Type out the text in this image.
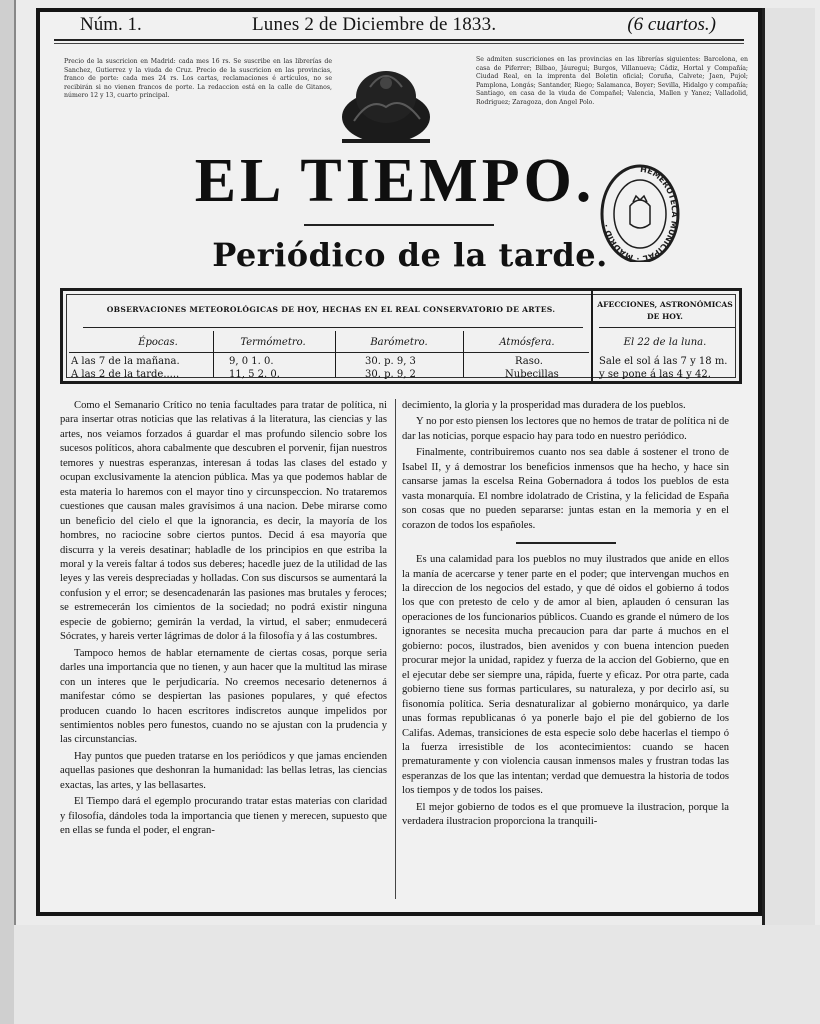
Núm. 1.	Lunes 2 de Diciembre de 1833.	(6 cuartos.)
Precio de la suscricion en Madrid: cada mes 16 rs. Se suscribe en las librerías de Sanchez, Gutierrez y la viuda de Cruz. Precio de la suscricion en las provincias, franco de porte: cada mes 24 rs. Los cartas, reclamaciones é artículos, no se recibirán si no vienen francos de porte. La redaccion está en la calle de Gitanos, número 12 y 13, cuarto principal.
Se admiten suscriciones en las provincias en las librerías siguientes: Barcelona, en casa de Piferrer; Bilbao, Jáuregui; Burgos, Villanueva; Cádiz, Hortal y Compañía; Ciudad Real, en la imprenta del Boletin oficial; Coruña, Calvete; Jaen, Pujol; Pamplona, Longás; Santander, Riego; Salamanca, Boyer; Sevilla, Hidalgo y compañía; Santiago, en casa de la viuda de Compañel; Valencia, Mallen y Yanez; Valladolid, Rodriguez; Zaragoza, don Angel Polo.
EL TIEMPO.
Periódico de la tarde.
HEMEROTECA MUNICIPAL · MADRID ·
OBSERVACIONES METEOROLÓGICAS DE HOY, HECHAS EN EL REAL CONSERVATORIO DE ARTES.
AFECCIONES, ASTRONÓMICAS DE HOY.
Épocas.	Termómetro.	Barómetro.	Atmósfera.	El 22 de la luna.
A las 7 de la mañana.	9, 0 1. 0.	30. p. 9, 3	Raso.	Sale el sol á las 7 y 18 m.
A las 2 de la tarde.....	11, 5 2. 0.	30. p. 9, 2	Nubecillas	y se pone á las 4 y 42.

Como el Semanario Crítico no tenia facultades para tratar de política, ni para insertar otras noticias que las relativas á la literatura, las ciencias y las artes, nos veiamos forzados á guardar el mas profundo silencio sobre los sucesos políticos, ahora cabalmente que descubren el porvenir, fijan nuestros temores y nuestras esperanzas, interesan á todas las clases del estado y ocupan exclusivamente la atencion pública. Mas ya que podemos hablar de esta materia lo haremos con el mayor tino y circunspeccion. No trataremos cuestiones que causan males gravísimos á una nacion. Debe mirarse como un beneficio del cielo el que la ignorancia, es decir, la mayoría de los hombres, no raciocine sobre ciertos puntos. Decid á esa mayoría que discurra y la vereis desatinar; habladle de los principios en que estriba la moral y la vereis faltar á todos sus deberes; hacedle juez de la utilidad de las leyes y las vereis despreciadas y holladas. Con sus discursos se aumentará la confusion y el error; se desencadenarán las pasiones mas brutales y feroces; se estremecerán los cimientos de la sociedad; no podrá existir ninguna especie de gobierno; gemirán la verdad, la virtud, el saber; enmudecerá Sócrates, y hareis verter lágrimas de dolor á la filosofía y á las costumbres.

Tampoco hemos de hablar eternamente de ciertas cosas, porque seria darles una importancia que no tienen, y aun hacer que la multitud las mirase con un interes que le perjudicaría. No creemos necesario detenernos á manifestar cómo se despiertan las pasiones populares, y qué efectos producen cuando lo hacen escritores indiscretos aunque impelidos por sentimientos nobles pero funestos, cuando no se ajustan con la prudencia y las circunstancias.

Hay puntos que pueden tratarse en los periódicos y que jamas encienden aquellas pasiones que deshonran la humanidad: las bellas letras, las ciencias exactas, las artes, y las bellasartes.

El Tiempo dará el egemplo procurando tratar estas materias con claridad y filosofía, dándoles toda la importancia que tienen y merecen, supuesto que en ellas se funda el poder, el engran-

decimiento, la gloria y la prosperidad mas duradera de los pueblos.

Y no por esto piensen los lectores que no hemos de tratar de política ni de dar las noticias, porque espacio hay para todo en nuestro periódico.

Finalmente, contribuiremos cuanto nos sea dable á sostener el trono de Isabel II, y á demostrar los beneficios inmensos que ha hecho, y hace sin cansarse jamas la escelsa Reina Gobernadora á todos los pueblos de esta vasta monarquía. El nombre idolatrado de Cristina, y la felicidad de España son cosas que no pueden separarse: juntas estan en la memoria y en el corazon de todos los españoles.

Es una calamidad para los pueblos no muy ilustrados que anide en ellos la manía de acercarse y tener parte en el poder; que intervengan muchos en la direccion de los negocios del estado, y que dé oidos el gobierno á todos los que con pretesto de celo y de amor al bien, aplauden ó censuran las operaciones de los funcionarios públicos. Cuando es grande el número de los ignorantes se necesita mucha precaucion para dar parte á muchos en el gobierno: pocos, ilustrados, bien avenidos y con buena intencion pueden procurar mejor la unidad, rapidez y fuerza de la accion del Gobierno, que en el ejecutar debe ser siempre una, rápida, fuerte y eficaz. Por otra parte, cada gobierno tiene sus formas particulares, su naturaleza, y por decirlo así, su fisonomía política. Seria desnaturalizar al gobierno monárquico, ya darle unas formas republicanas ó ya ponerle bajo el pie del gobierno de los Califas. Ademas, transiciones de esta especie solo debe hacerlas el tiempo ó la fuerza irresistible de los acontecimientos: cuando se hacen prematuramente y con violencia causan inmensos males y frustran todas las esperanzas de los que las intentan; verdad que demuestra la historia de todos los tiempos y de todos los paises.

El mejor gobierno de todos es el que promueve la ilustracion, porque la verdadera ilustracion proporciona la tranquili-
